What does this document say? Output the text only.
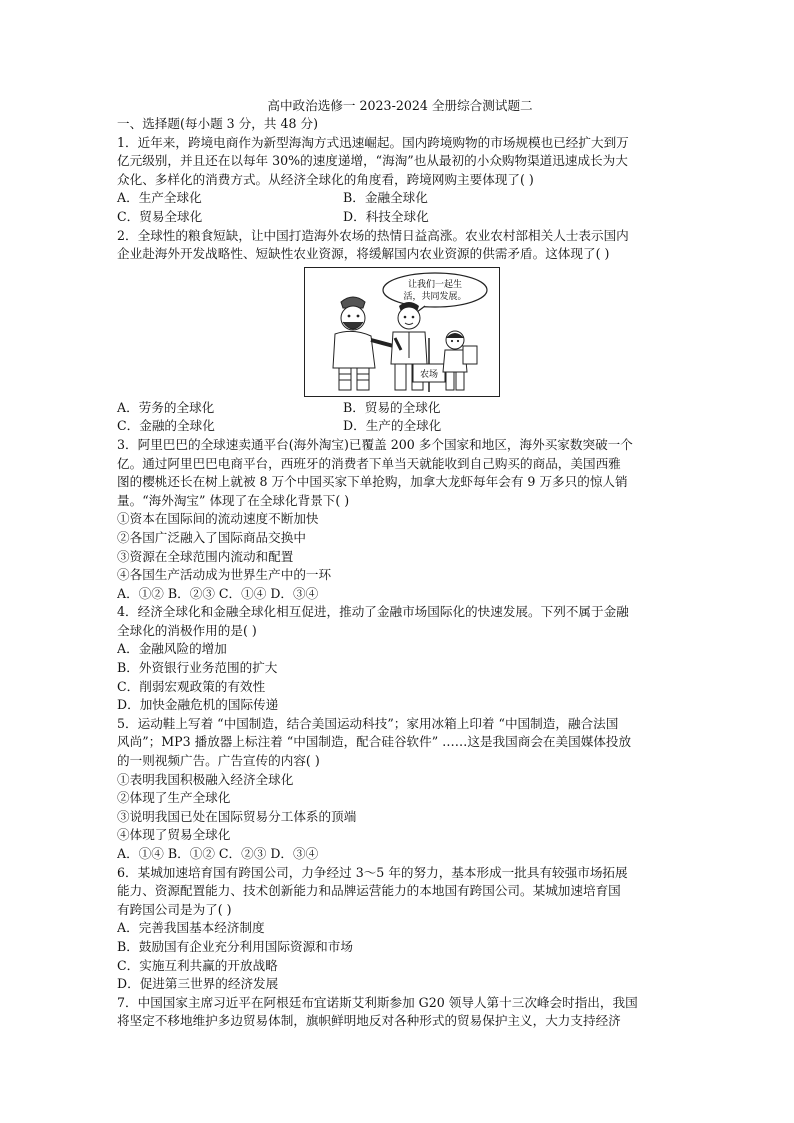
高中政治选修一 2023-2024 全册综合测试题二
一、选择题(每小题 3 分，共 48 分)
1．近年来，跨境电商作为新型海淘方式迅速崛起。国内跨境购物的市场规模也已经扩大到万
亿元级别，并且还在以每年 30%的速度递增，“海淘”也从最初的小众购物渠道迅速成长为大
众化、多样化的消费方式。从经济全球化的角度看，跨境网购主要体现了( )
A．生产全球化	B．金融全球化
C．贸易全球化	D．科技全球化
2．全球性的粮食短缺，让中国打造海外农场的热情日益高涨。农业农村部相关人士表示国内
企业赴海外开发战略性、短缺性农业资源，将缓解国内农业资源的供需矛盾。这体现了( )
让我们一起生
活，共同发展。
农场
A．劳务的全球化	B．贸易的全球化
C．金融的全球化	D．生产的全球化
3．阿里巴巴的全球速卖通平台(海外淘宝)已覆盖 200 多个国家和地区，海外买家数突破一个
亿。通过阿里巴巴电商平台，西班牙的消费者下单当天就能收到自己购买的商品，美国西雅
图的樱桃还长在树上就被 8 万个中国买家下单抢购，加拿大龙虾每年会有 9 万多只的惊人销
量。“海外淘宝” 体现了在全球化背景下( )
①资本在国际间的流动速度不断加快
②各国广泛融入了国际商品交换中
③资源在全球范围内流动和配置
④各国生产活动成为世界生产中的一环
A．①② B．②③ C．①④ D．③④
4．经济全球化和金融全球化相互促进，推动了金融市场国际化的快速发展。下列不属于金融
全球化的消极作用的是( )
A．金融风险的增加
B．外资银行业务范围的扩大
C．削弱宏观政策的有效性
D．加快金融危机的国际传递
5．运动鞋上写着 “中国制造，结合美国运动科技”；家用冰箱上印着 “中国制造，融合法国
风尚”；MP3 播放器上标注着 “中国制造，配合硅谷软件” ……这是我国商会在美国媒体投放
的一则视频广告。广告宣传的内容( )
①表明我国积极融入经济全球化
②体现了生产全球化
③说明我国已处在国际贸易分工体系的顶端
④体现了贸易全球化
A．①④ B．①② C．②③ D．③④
6．某城加速培育国有跨国公司，力争经过 3～5 年的努力，基本形成一批具有较强市场拓展
能力、资源配置能力、技术创新能力和品牌运营能力的本地国有跨国公司。某城加速培育国
有跨国公司是为了( )
A．完善我国基本经济制度
B．鼓励国有企业充分利用国际资源和市场
C．实施互利共赢的开放战略
D．促进第三世界的经济发展
7．中国国家主席习近平在阿根廷布宜诺斯艾利斯参加 G20 领导人第十三次峰会时指出，我国
将坚定不移地维护多边贸易体制，旗帜鲜明地反对各种形式的贸易保护主义，大力支持经济
